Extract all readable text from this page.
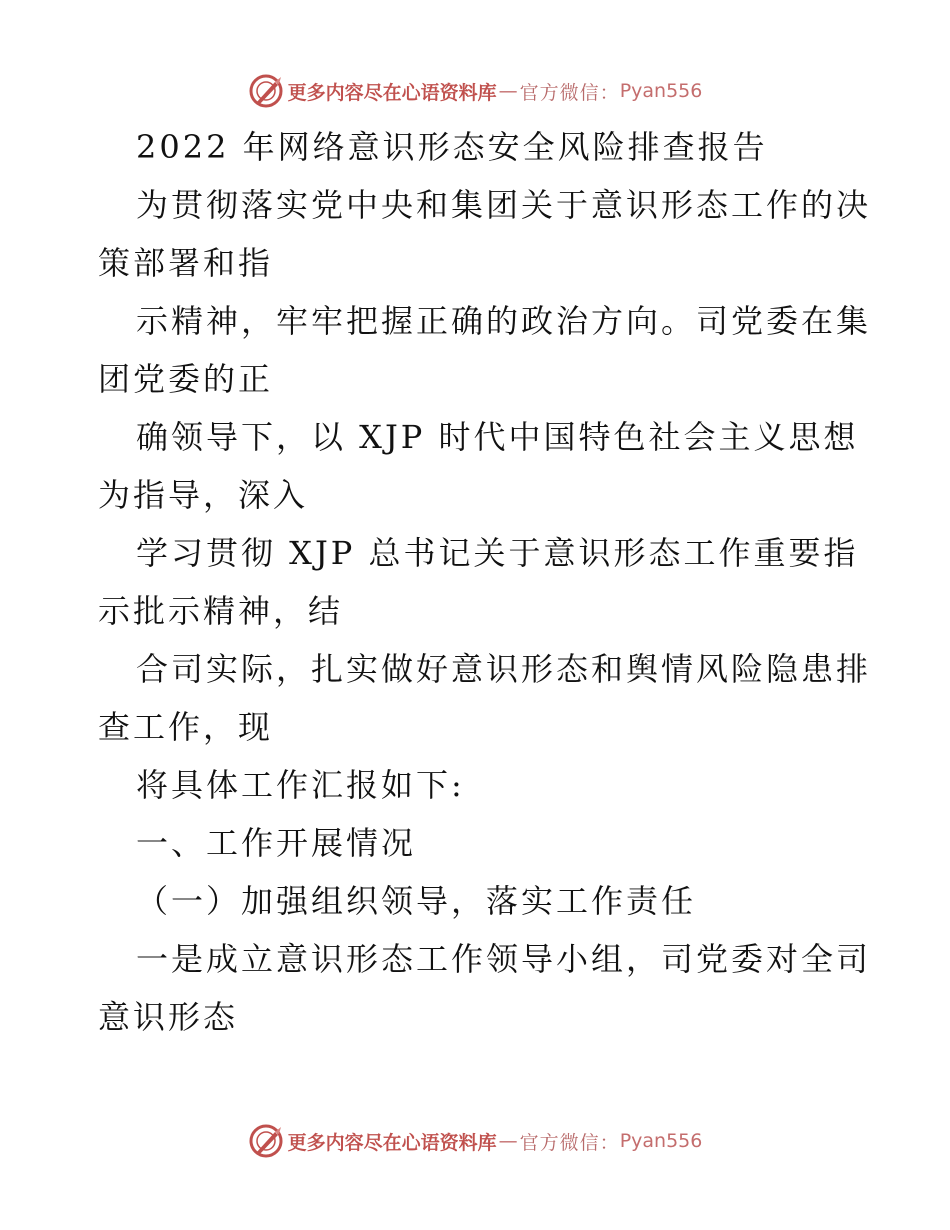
更多内容尽在心语资料库 — 官方微信： Pyan556
2022 年网络意识形态安全风险排查报告
为贯彻落实党中央和集团关于意识形态工作的决
策部署和指
示精神，牢牢把握正确的政治方向。司党委在集
团党委的正
确领导下，以 XJP 时代中国特色社会主义思想
为指导，深入
学习贯彻 XJP 总书记关于意识形态工作重要指
示批示精神，结
合司实际，扎实做好意识形态和舆情风险隐患排
查工作，现
将具体工作汇报如下:
一、工作开展情况
（一）加强组织领导，落实工作责任
一是成立意识形态工作领导小组，司党委对全司
意识形态
更多内容尽在心语资料库 — 官方微信： Pyan556
